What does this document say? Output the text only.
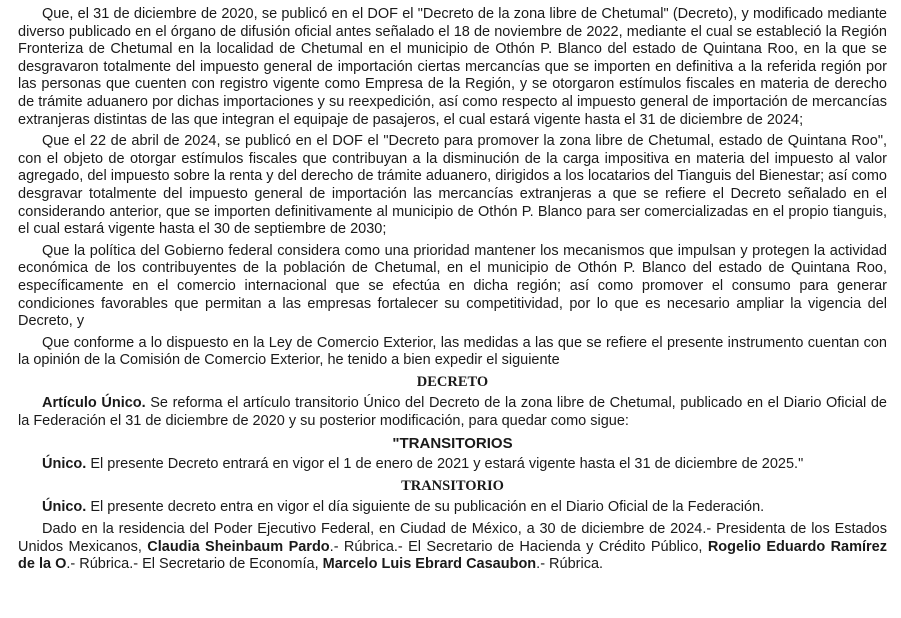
Que, el 31 de diciembre de 2020, se publicó en el DOF el "Decreto de la zona libre de Chetumal" (Decreto), y modificado mediante diverso publicado en el órgano de difusión oficial antes señalado el 18 de noviembre de 2022, mediante el cual se estableció la Región Fronteriza de Chetumal en la localidad de Chetumal en el municipio de Othón P. Blanco del estado de Quintana Roo, en la que se desgravaron totalmente del impuesto general de importación ciertas mercancías que se importen en definitiva a la referida región por las personas que cuenten con registro vigente como Empresa de la Región, y se otorgaron estímulos fiscales en materia de derecho de trámite aduanero por dichas importaciones y su reexpedición, así como respecto al impuesto general de importación de mercancías extranjeras distintas de las que integran el equipaje de pasajeros, el cual estará vigente hasta el 31 de diciembre de 2024;

Que el 22 de abril de 2024, se publicó en el DOF el "Decreto para promover la zona libre de Chetumal, estado de Quintana Roo", con el objeto de otorgar estímulos fiscales que contribuyan a la disminución de la carga impositiva en materia del impuesto al valor agregado, del impuesto sobre la renta y del derecho de trámite aduanero, dirigidos a los locatarios del Tianguis del Bienestar; así como desgravar totalmente del impuesto general de importación las mercancías extranjeras a que se refiere el Decreto señalado en el considerando anterior, que se importen definitivamente al municipio de Othón P. Blanco para ser comercializadas en el propio tianguis, el cual estará vigente hasta el 30 de septiembre de 2030;

Que la política del Gobierno federal considera como una prioridad mantener los mecanismos que impulsan y protegen la actividad económica de los contribuyentes de la población de Chetumal, en el municipio de Othón P. Blanco del estado de Quintana Roo, específicamente en el comercio internacional que se efectúa en dicha región; así como promover el consumo para generar condiciones favorables que permitan a las empresas fortalecer su competitividad, por lo que es necesario ampliar la vigencia del Decreto, y

Que conforme a lo dispuesto en la Ley de Comercio Exterior, las medidas a las que se refiere el presente instrumento cuentan con la opinión de la Comisión de Comercio Exterior, he tenido a bien expedir el siguiente

DECRETO

Artículo Único. Se reforma el artículo transitorio Único del Decreto de la zona libre de Chetumal, publicado en el Diario Oficial de la Federación el 31 de diciembre de 2020 y su posterior modificación, para quedar como sigue:

"TRANSITORIOS

Único. El presente Decreto entrará en vigor el 1 de enero de 2021 y estará vigente hasta el 31 de diciembre de 2025."

TRANSITORIO

Único. El presente decreto entra en vigor el día siguiente de su publicación en el Diario Oficial de la Federación.

Dado en la residencia del Poder Ejecutivo Federal, en Ciudad de México, a 30 de diciembre de 2024.- Presidenta de los Estados Unidos Mexicanos, Claudia Sheinbaum Pardo.- Rúbrica.- El Secretario de Hacienda y Crédito Público, Rogelio Eduardo Ramírez de la O.- Rúbrica.- El Secretario de Economía, Marcelo Luis Ebrard Casaubon.- Rúbrica.
